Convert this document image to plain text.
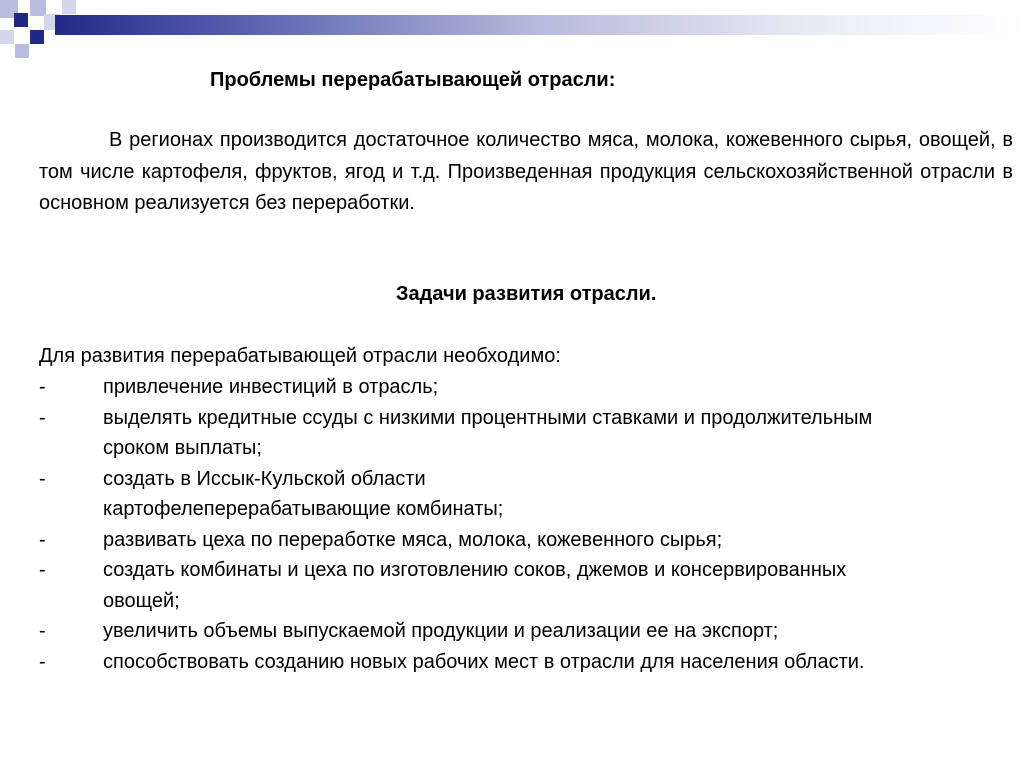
Проблемы перерабатывающей отрасли:
В регионах производится достаточное количество мяса, молока, кожевенного сырья, овощей, в том числе картофеля, фруктов, ягод и т.д. Произведенная продукция сельскохозяйственной отрасли в основном реализуется без переработки.
Задачи развития отрасли.
Для развития перерабатывающей отрасли необходимо:
-	привлечение инвестиций в отрасль;
-	выделять кредитные ссуды с низкими процентными ставками и продолжительным сроком выплаты;
-	создать в Иссык-Кульской области картофелеперерабатывающие комбинаты;
-	развивать цеха по переработке мяса, молока, кожевенного сырья;
-	создать комбинаты и цеха по изготовлению соков, джемов и консервированных овощей;
-	увеличить объемы выпускаемой продукции и реализации ее на экспорт;
-	способствовать созданию новых рабочих мест в отрасли для населения области.
